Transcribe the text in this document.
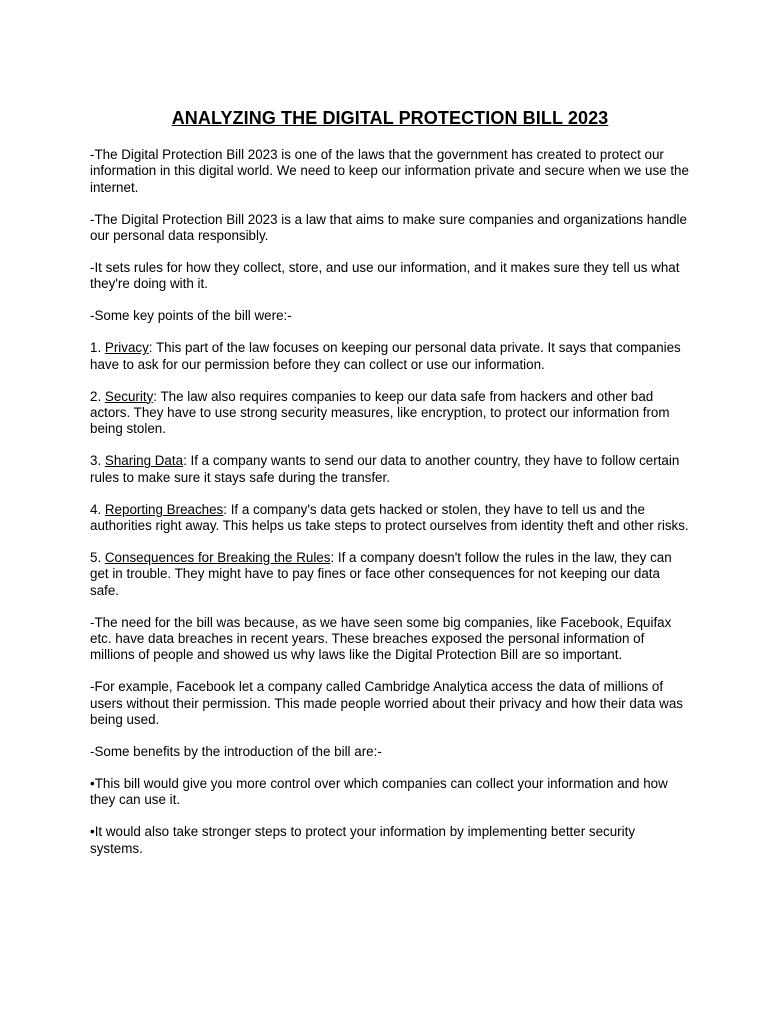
ANALYZING THE DIGITAL PROTECTION BILL 2023

-The Digital Protection Bill 2023 is one of the laws that the government has created to protect our information in this digital world. We need to keep our information private and secure when we use the internet.

-The Digital Protection Bill 2023 is a law that aims to make sure companies and organizations handle our personal data responsibly.

-It sets rules for how they collect, store, and use our information, and it makes sure they tell us what they're doing with it.

-Some key points of the bill were:-

1. Privacy: This part of the law focuses on keeping our personal data private. It says that companies have to ask for our permission before they can collect or use our information.

2. Security: The law also requires companies to keep our data safe from hackers and other bad actors. They have to use strong security measures, like encryption, to protect our information from being stolen.

3. Sharing Data: If a company wants to send our data to another country, they have to follow certain rules to make sure it stays safe during the transfer.

4. Reporting Breaches: If a company's data gets hacked or stolen, they have to tell us and the authorities right away. This helps us take steps to protect ourselves from identity theft and other risks.

5. Consequences for Breaking the Rules: If a company doesn't follow the rules in the law, they can get in trouble. They might have to pay fines or face other consequences for not keeping our data safe.

-The need for the bill was because, as we have seen some big companies, like Facebook, Equifax etc. have data breaches in recent years. These breaches exposed the personal information of millions of people and showed us why laws like the Digital Protection Bill are so important.

-For example, Facebook let a company called Cambridge Analytica access the data of millions of users without their permission. This made people worried about their privacy and how their data was being used.

-Some benefits by the introduction of the bill are:-

•This bill would give you more control over which companies can collect your information and how they can use it.

•It would also take stronger steps to protect your information by implementing better security systems.
